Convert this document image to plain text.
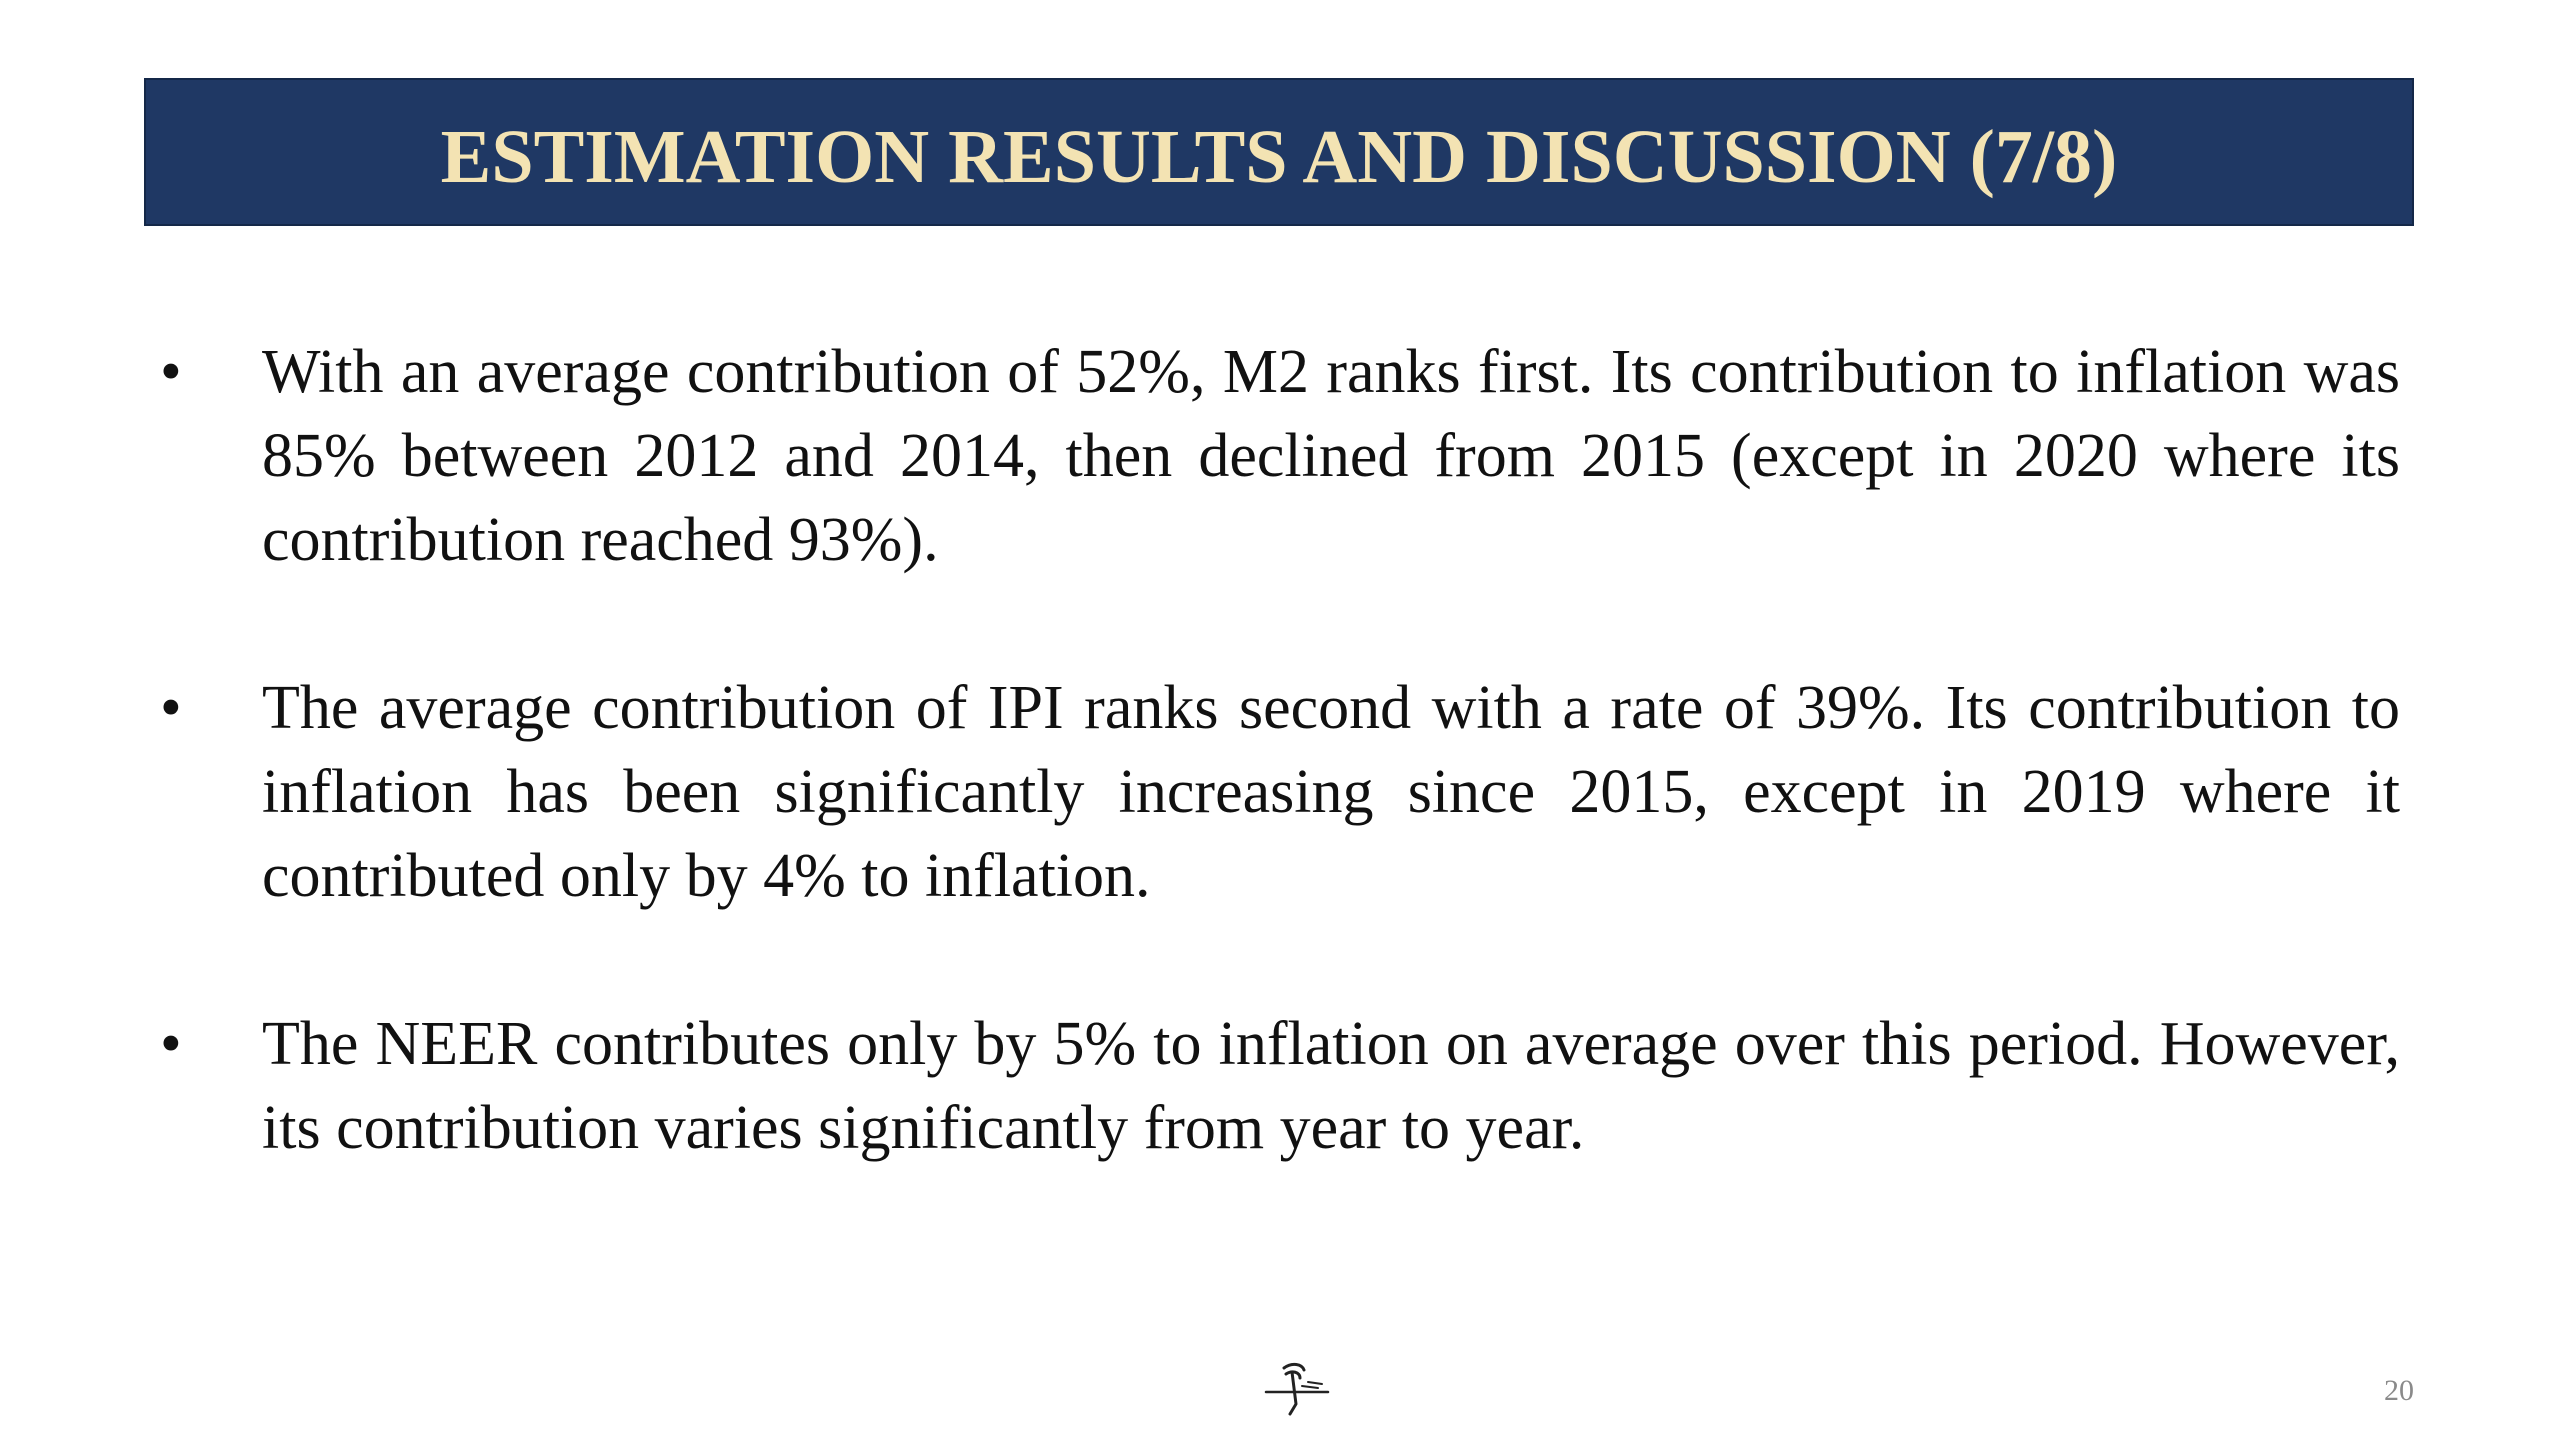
ESTIMATION RESULTS AND DISCUSSION (7/8)
• With an average contribution of 52%, M2 ranks first. Its contribution to inflation was 85% between 2012 and 2014, then declined from 2015 (except in 2020 where its contribution reached 93%).
• The average contribution of IPI ranks second with a rate of 39%. Its contribution to inflation has been significantly increasing since 2015, except in 2019 where it contributed only by 4% to inflation.
• The NEER contributes only by 5% to inflation on average over this period. However, its contribution varies significantly from year to year.
20
